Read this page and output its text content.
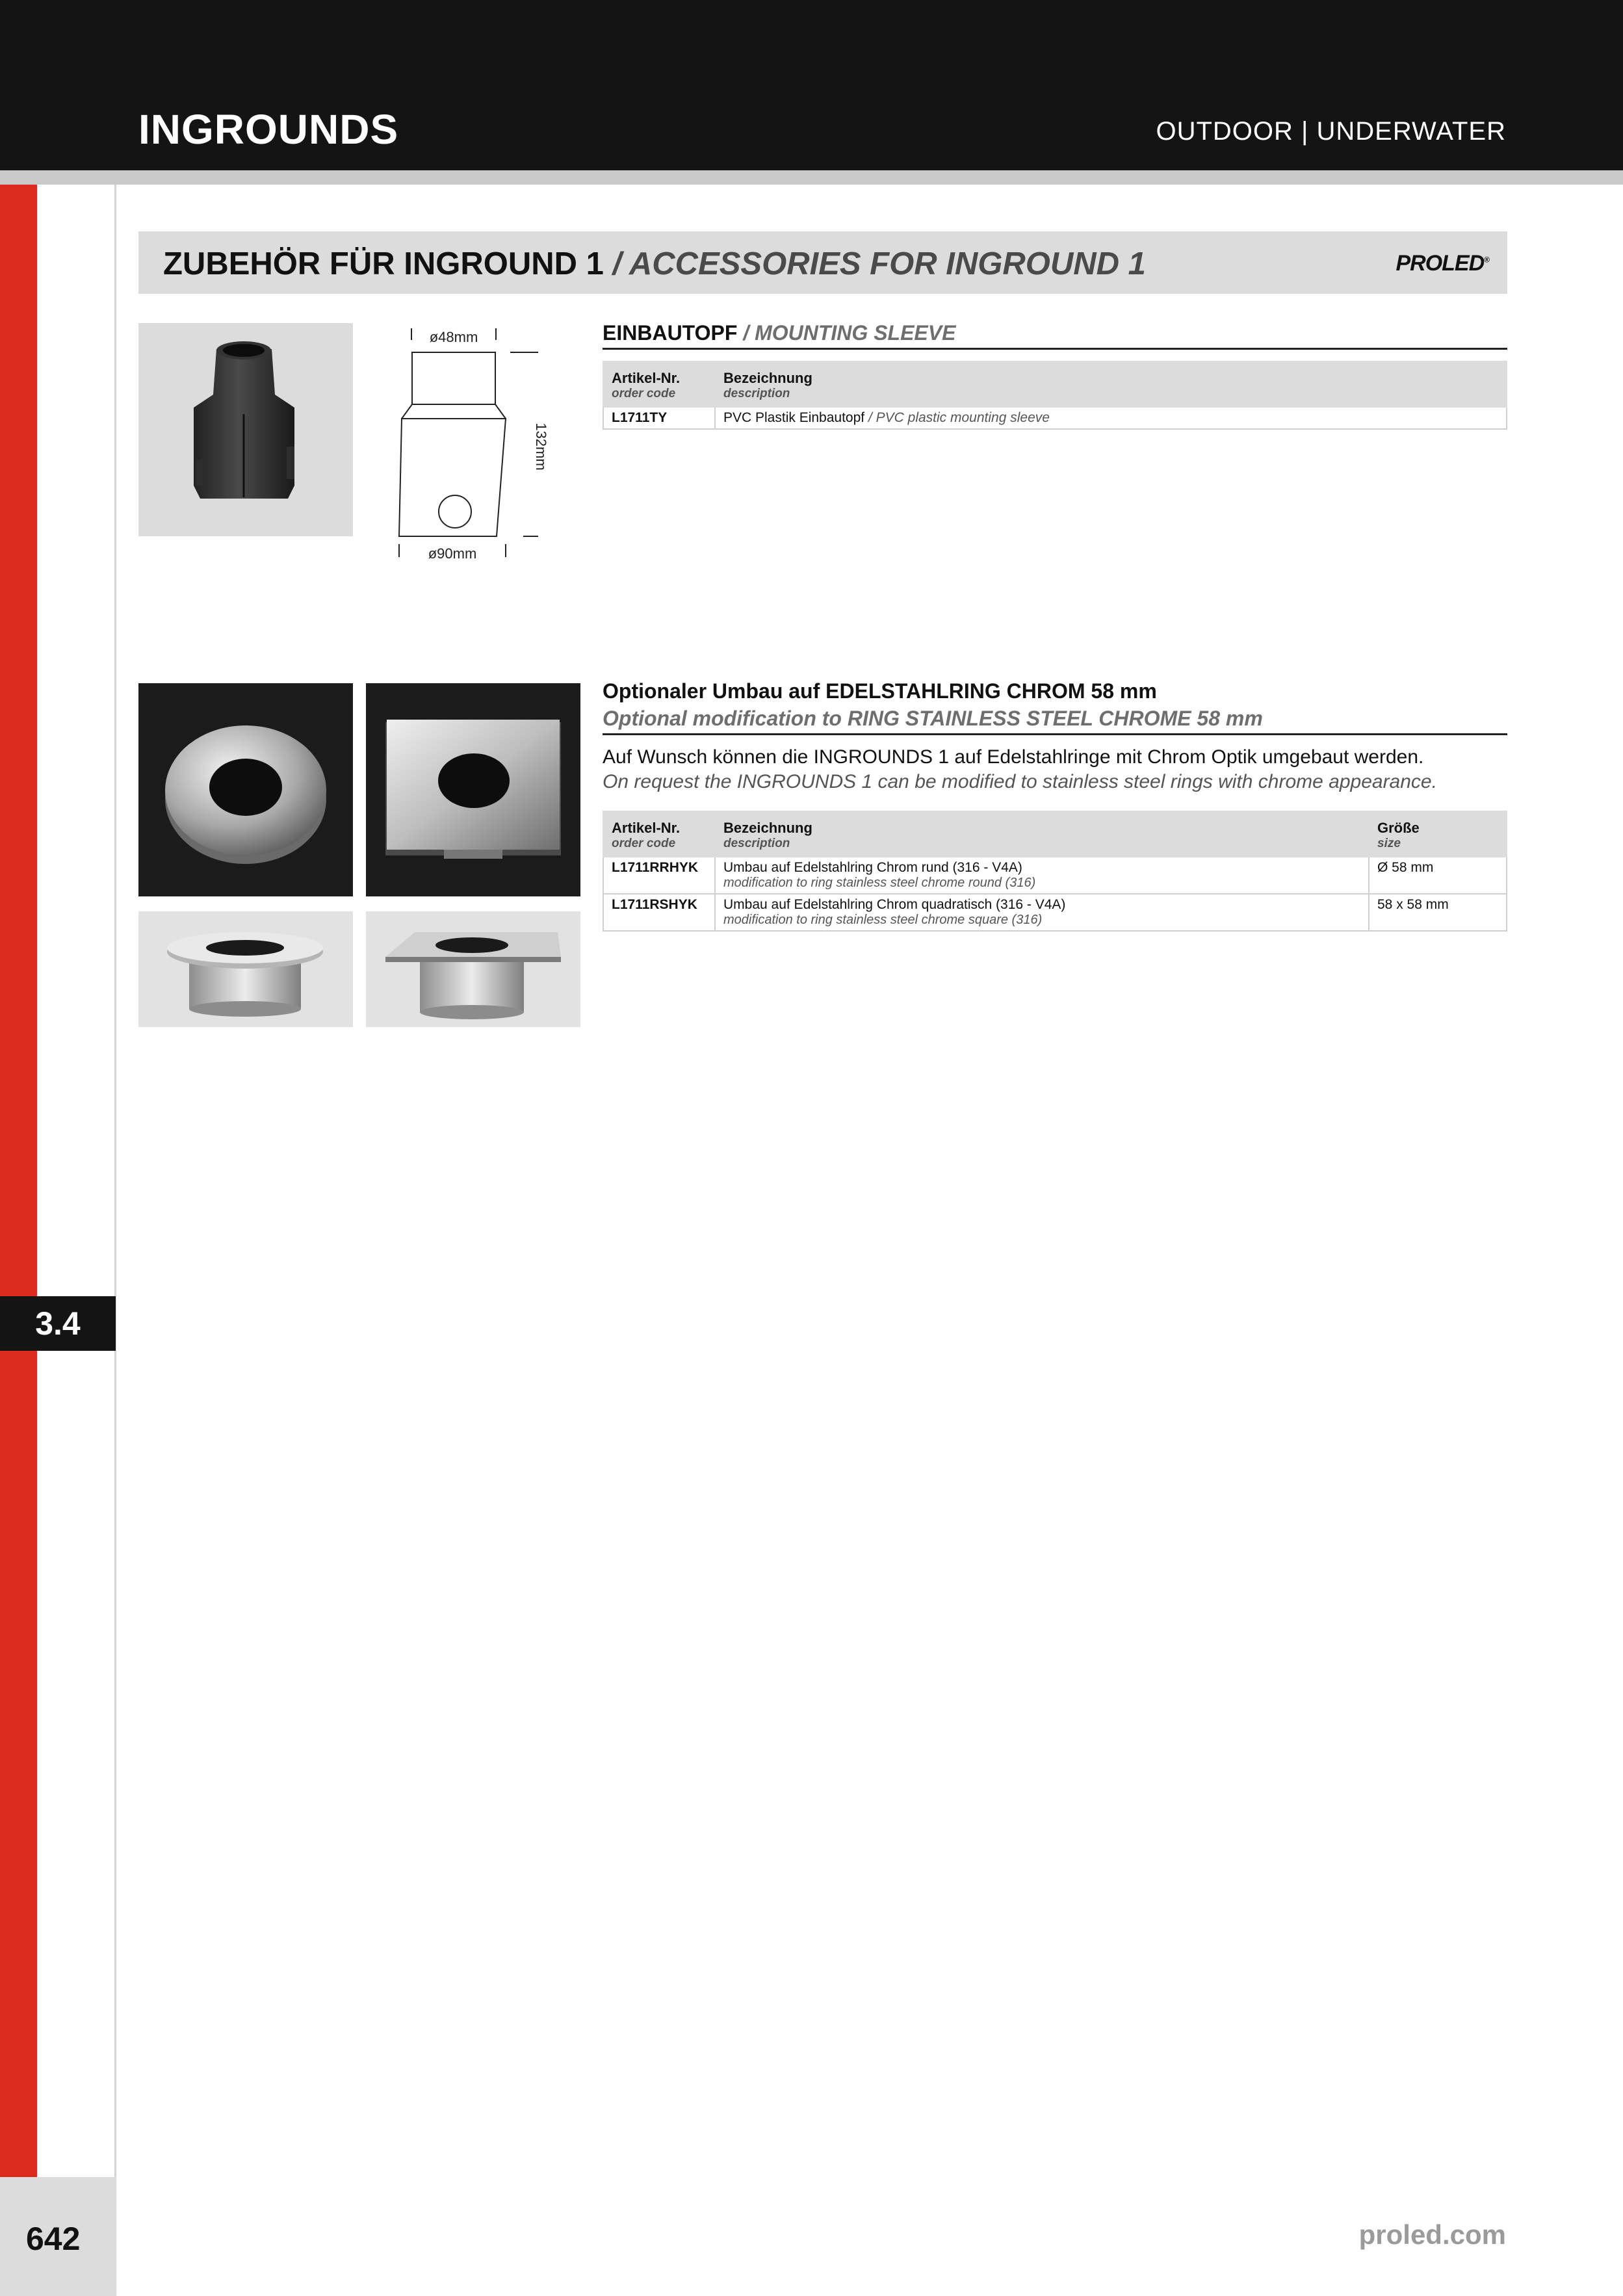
INGROUNDS	OUTDOOR | UNDERWATER
3.4
642	proled.com
ZUBEHÖR FÜR INGROUND 1 / ACCESSORIES FOR INGROUND 1	PROLED®
ø48mm
132mm
ø90mm
EINBAUTOPF / MOUNTING SLEEVE
Artikel-Nr.
order code	Bezeichnung
description

L1711TY	PVC Plastik Einbautopf / PVC plastic mounting sleeve
Optionaler Umbau auf EDELSTAHLRING CHROM 58 mm
Optional modification to RING STAINLESS STEEL CHROME 58 mm
Auf Wunsch können die INGROUNDS 1 auf Edelstahlringe mit Chrom Optik umgebaut werden.
On request the INGROUNDS 1 can be modified to stainless steel rings with chrome appearance.
Artikel-Nr.
order code	Bezeichnung
description	Größe
size

L1711RRHYK	Umbau auf Edelstahlring Chrom rund (316 - V4A)
modification to ring stainless steel chrome round (316)	Ø 58 mm
L1711RSHYK	Umbau auf Edelstahlring Chrom quadratisch (316 - V4A)
modification to ring stainless steel chrome square (316)	58 x 58 mm
